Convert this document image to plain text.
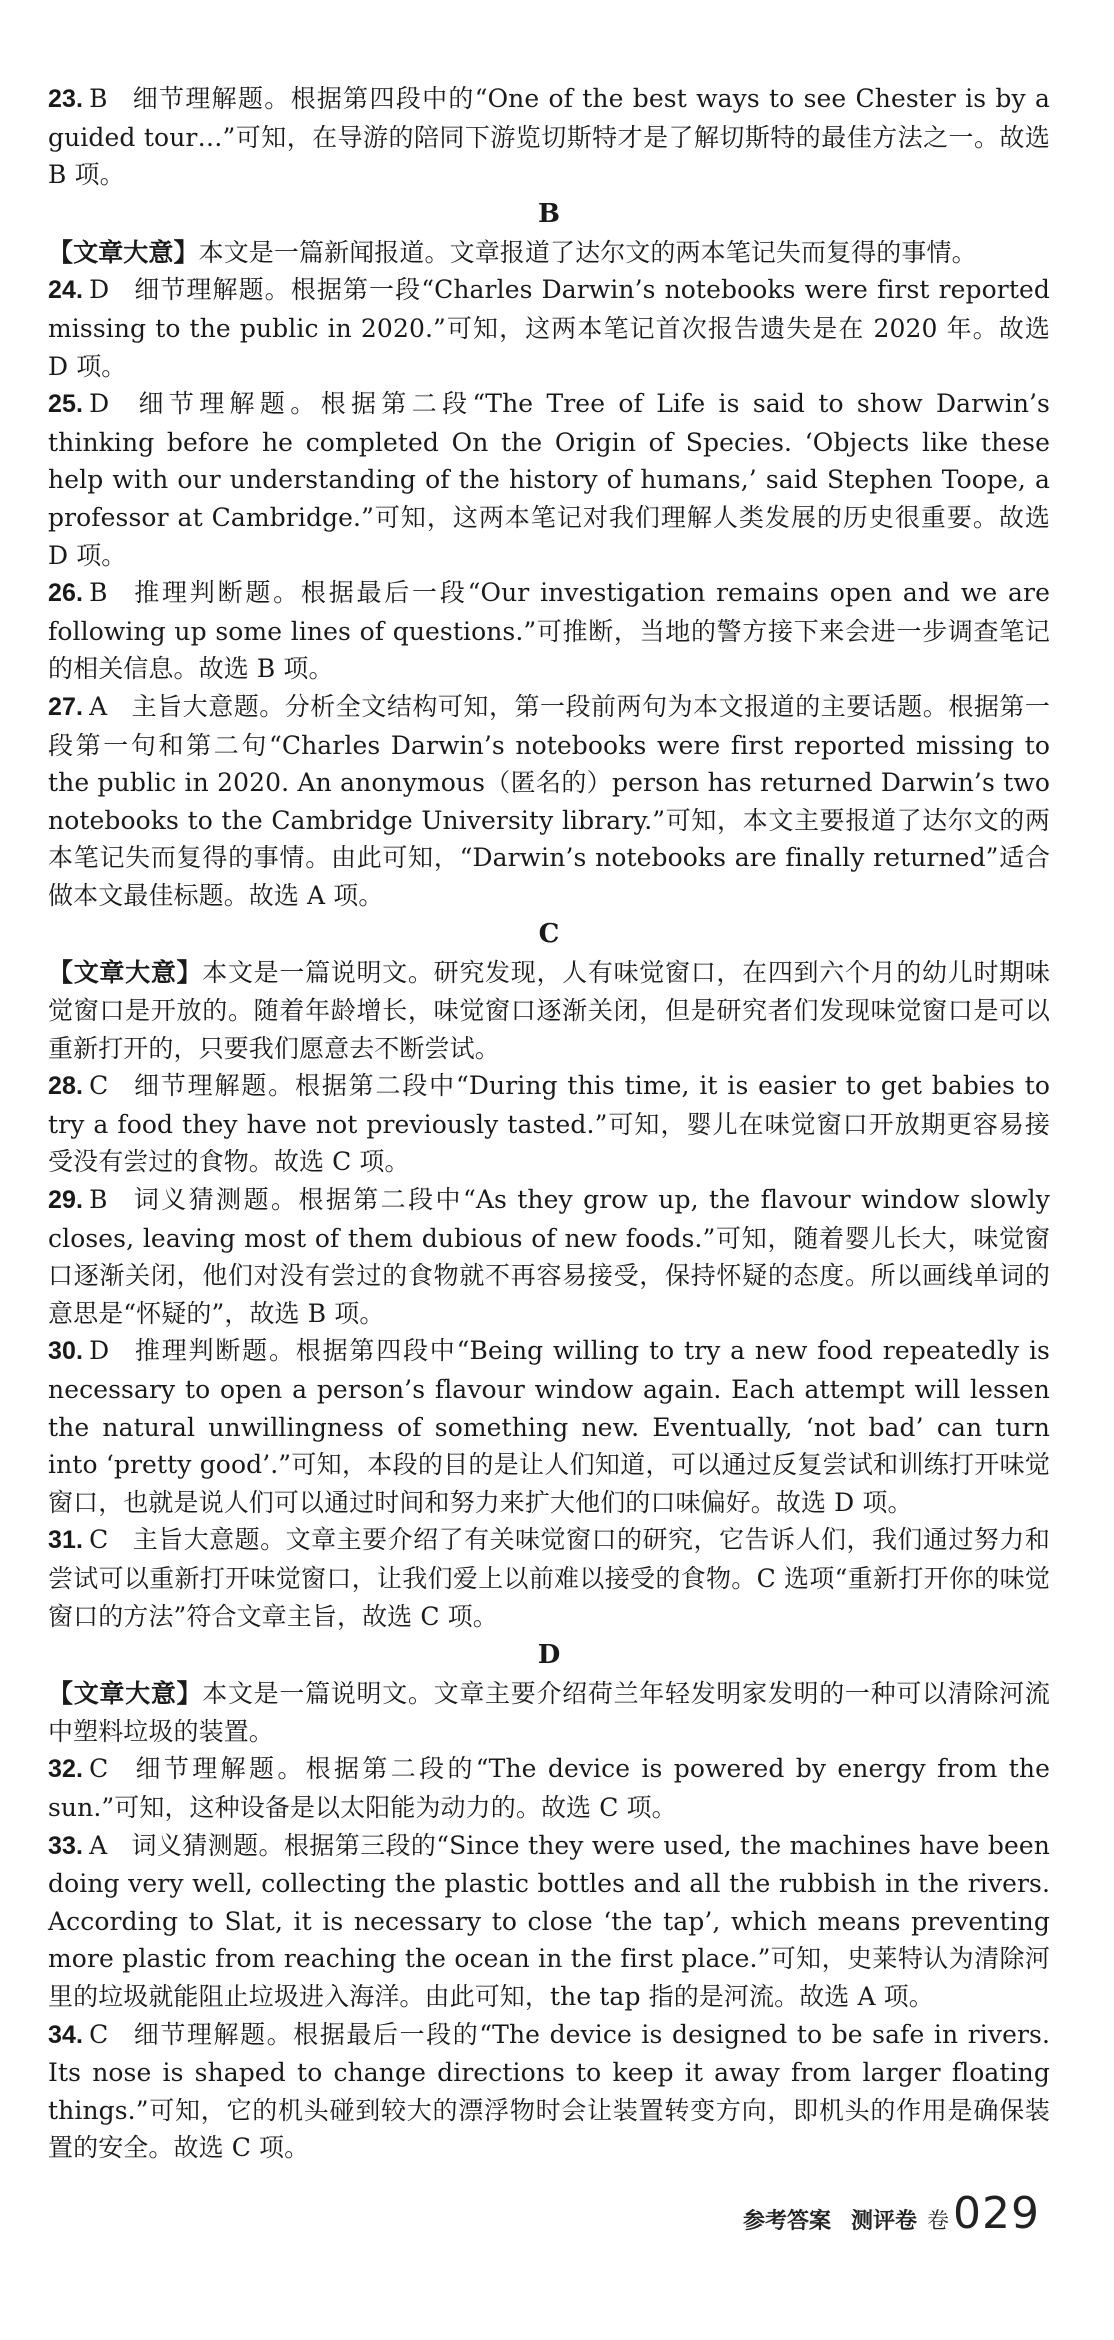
23. B 细节理解题。根据第四段中的“One of the best ways to see Chester is by a guided tour…”可知，在导游的陪同下游览切斯特才是了解切斯特的最佳方法之一。故选 B 项。

B

【文章大意】本文是一篇新闻报道。文章报道了达尔文的两本笔记失而复得的事情。

24. D 细节理解题。根据第一段“Charles Darwin’s notebooks were first reported missing to the public in 2020.”可知，这两本笔记首次报告遗失是在 2020 年。故选 D 项。

25. D 细节理解题。根据第二段“The Tree of Life is said to show Darwin’s thinking before he completed On the Origin of Species. ‘Objects like these help with our understanding of the history of humans,’ said Stephen Toope, a professor at Cambridge.”可知，这两本笔记对我们理解人类发展的历史很重要。故选 D 项。

26. B 推理判断题。根据最后一段“Our investigation remains open and we are following up some lines of questions.”可推断，当地的警方接下来会进一步调查笔记的相关信息。故选 B 项。

27. A 主旨大意题。分析全文结构可知，第一段前两句为本文报道的主要话题。根据第一段第一句和第二句“Charles Darwin’s notebooks were first reported missing to the public in 2020. An anonymous（匿名的）person has returned Darwin’s two notebooks to the Cambridge University library.”可知，本文主要报道了达尔文的两本笔记失而复得的事情。由此可知，“Darwin’s notebooks are finally returned”适合做本文最佳标题。故选 A 项。

C

【文章大意】本文是一篇说明文。研究发现，人有味觉窗口，在四到六个月的幼儿时期味觉窗口是开放的。随着年龄增长，味觉窗口逐渐关闭，但是研究者们发现味觉窗口是可以重新打开的，只要我们愿意去不断尝试。

28. C 细节理解题。根据第二段中“During this time, it is easier to get babies to try a food they have not previously tasted.”可知，婴儿在味觉窗口开放期更容易接受没有尝过的食物。故选 C 项。

29. B 词义猜测题。根据第二段中“As they grow up, the flavour window slowly closes, leaving most of them dubious of new foods.”可知，随着婴儿长大，味觉窗口逐渐关闭，他们对没有尝过的食物就不再容易接受，保持怀疑的态度。所以画线单词的意思是“怀疑的”，故选 B 项。

30. D 推理判断题。根据第四段中“Being willing to try a new food repeatedly is necessary to open a person’s flavour window again. Each attempt will lessen the natural unwillingness of something new. Eventually, ‘not bad’ can turn into ‘pretty good’.”可知，本段的目的是让人们知道，可以通过反复尝试和训练打开味觉窗口，也就是说人们可以通过时间和努力来扩大他们的口味偏好。故选 D 项。

31. C 主旨大意题。文章主要介绍了有关味觉窗口的研究，它告诉人们，我们通过努力和尝试可以重新打开味觉窗口，让我们爱上以前难以接受的食物。C 选项“重新打开你的味觉窗口的方法”符合文章主旨，故选 C 项。

D

【文章大意】本文是一篇说明文。文章主要介绍荷兰年轻发明家发明的一种可以清除河流中塑料垃圾的装置。

32. C 细节理解题。根据第二段的“The device is powered by energy from the sun.”可知，这种设备是以太阳能为动力的。故选 C 项。

33. A 词义猜测题。根据第三段的“Since they were used, the machines have been doing very well, collecting the plastic bottles and all the rubbish in the rivers. According to Slat, it is necessary to close ‘the tap’, which means preventing more plastic from reaching the ocean in the first place.”可知，史莱特认为清除河里的垃圾就能阻止垃圾进入海洋。由此可知，the tap 指的是河流。故选 A 项。

34. C 细节理解题。根据最后一段的“The device is designed to be safe in rivers. Its nose is shaped to change directions to keep it away from larger floating things.”可知，它的机头碰到较大的漂浮物时会让装置转变方向，即机头的作用是确保装置的安全。故选 C 项。

参考答案 测评卷 卷 029
